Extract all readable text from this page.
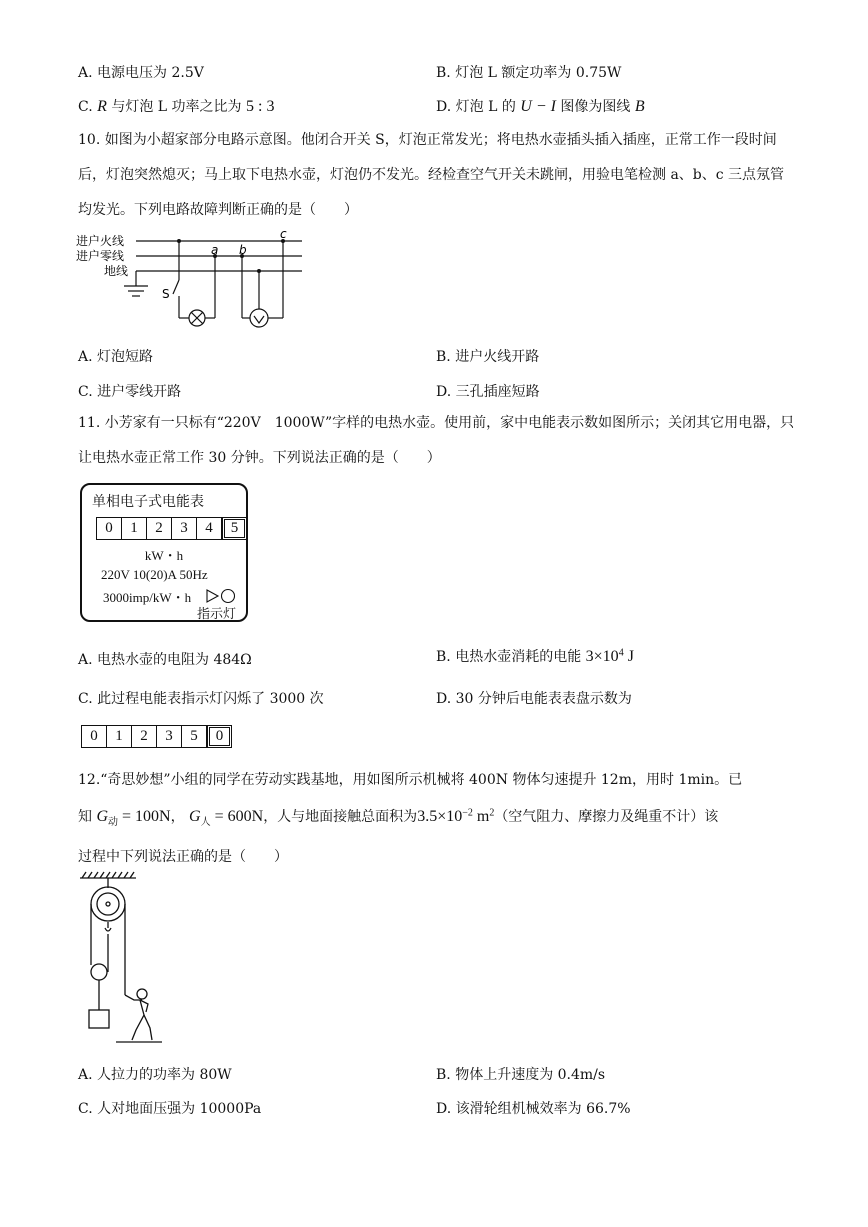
A. 电源电压为 2.5V	B. 灯泡 L 额定功率为 0.75W
C. R 与灯泡 L 功率之比为 5 : 3	D. 灯泡 L 的 U − I 图像为图线 B
10. 如图为小超家部分电路示意图。他闭合开关 S，灯泡正常发光；将电热水壶插头插入插座，正常工作一段时间后，灯泡突然熄灭；马上取下电热水壶，灯泡仍不发光。经检查空气开关未跳闸，用验电笔检测 a、b、c 三点氖管均发光。下列电路故障判断正确的是（　　）
进户火线
进户零线
地线
S
a b
c
A. 灯泡短路	B. 进户火线开路
C. 进户零线开路	D. 三孔插座短路
11. 小芳家有一只标有“220V　1000W”字样的电热水壶。使用前，家中电能表示数如图所示；关闭其它用电器，只让电热水壶正常工作 30 分钟。下列说法正确的是（　　）
单相电子式电能表
0	1	2	3	4	5
kW・h
220V 10(20)A 50Hz
3000imp/kW・h
指示灯
A. 电热水壶的电阻为 484Ω	B. 电热水壶消耗的电能 $3\times 10^4$ J
C. 此过程电能表指示灯闪烁了 3000 次	D. 30 分钟后电能表表盘示数为
0	1	2	3	5	0
12.“奇思妙想”小组的同学在劳动实践基地，用如图所示机械将 400N 物体匀速提升 12m，用时 1min。已
知 $G_动 = 100N$， $G_人 = 600N$，人与地面接触总面积为$3.5\times 10^{-2}$ $m^2$（空气阻力、摩擦力及绳重不计）该
过程中下列说法正确的是（　　）
A. 人拉力的功率为 80W	B. 物体上升速度为 0.4m/s
C. 人对地面压强为 10000Pa	D. 该滑轮组机械效率为 66.7%
